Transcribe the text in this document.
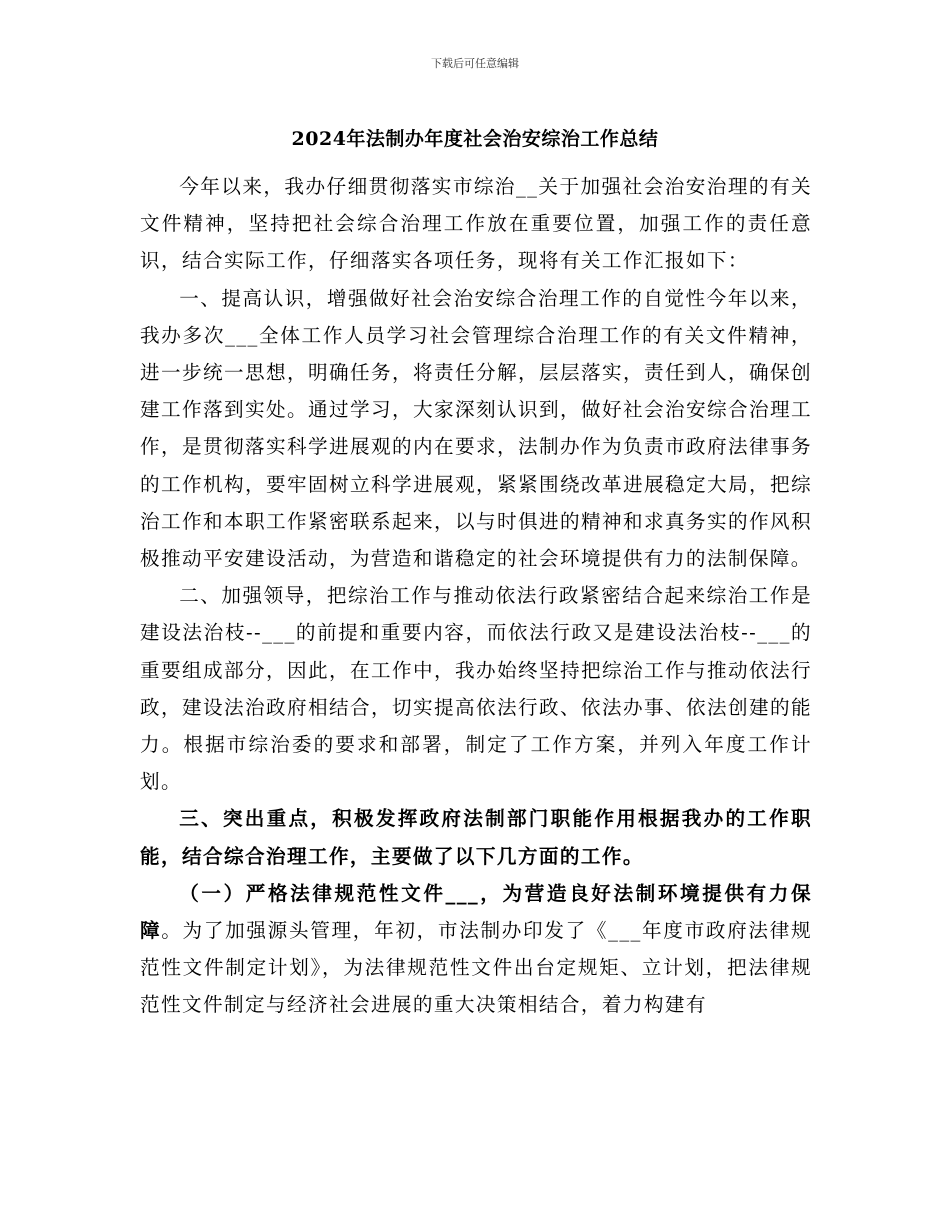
下载后可任意编辑
2024年法制办年度社会治安综治工作总结

今年以来，我办仔细贯彻落实市综治__关于加强社会治安治理的有关文件精神，坚持把社会综合治理工作放在重要位置，加强工作的责任意识，结合实际工作，仔细落实各项任务，现将有关工作汇报如下：

一、提高认识，增强做好社会治安综合治理工作的自觉性今年以来，我办多次___全体工作人员学习社会管理综合治理工作的有关文件精神，进一步统一思想，明确任务，将责任分解，层层落实，责任到人，确保创建工作落到实处。通过学习，大家深刻认识到，做好社会治安综合治理工作，是贯彻落实科学进展观的内在要求，法制办作为负责市政府法律事务的工作机构，要牢固树立科学进展观，紧紧围绕改革进展稳定大局，把综治工作和本职工作紧密联系起来，以与时俱进的精神和求真务实的作风积极推动平安建设活动，为营造和谐稳定的社会环境提供有力的法制保障。

二、加强领导，把综治工作与推动依法行政紧密结合起来综治工作是建设法治枝--___的前提和重要内容，而依法行政又是建设法治枝--___的重要组成部分，因此，在工作中，我办始终坚持把综治工作与推动依法行政，建设法治政府相结合，切实提高依法行政、依法办事、依法创建的能力。根据市综治委的要求和部署，制定了工作方案，并列入年度工作计划。

三、突出重点，积极发挥政府法制部门职能作用根据我办的工作职能，结合综合治理工作，主要做了以下几方面的工作。

（一）严格法律规范性文件___，为营造良好法制环境提供有力保障。为了加强源头管理，年初，市法制办印发了《___年度市政府法律规范性文件制定计划》，为法律规范性文件出台定规矩、立计划，把法律规范性文件制定与经济社会进展的重大决策相结合，着力构建有
